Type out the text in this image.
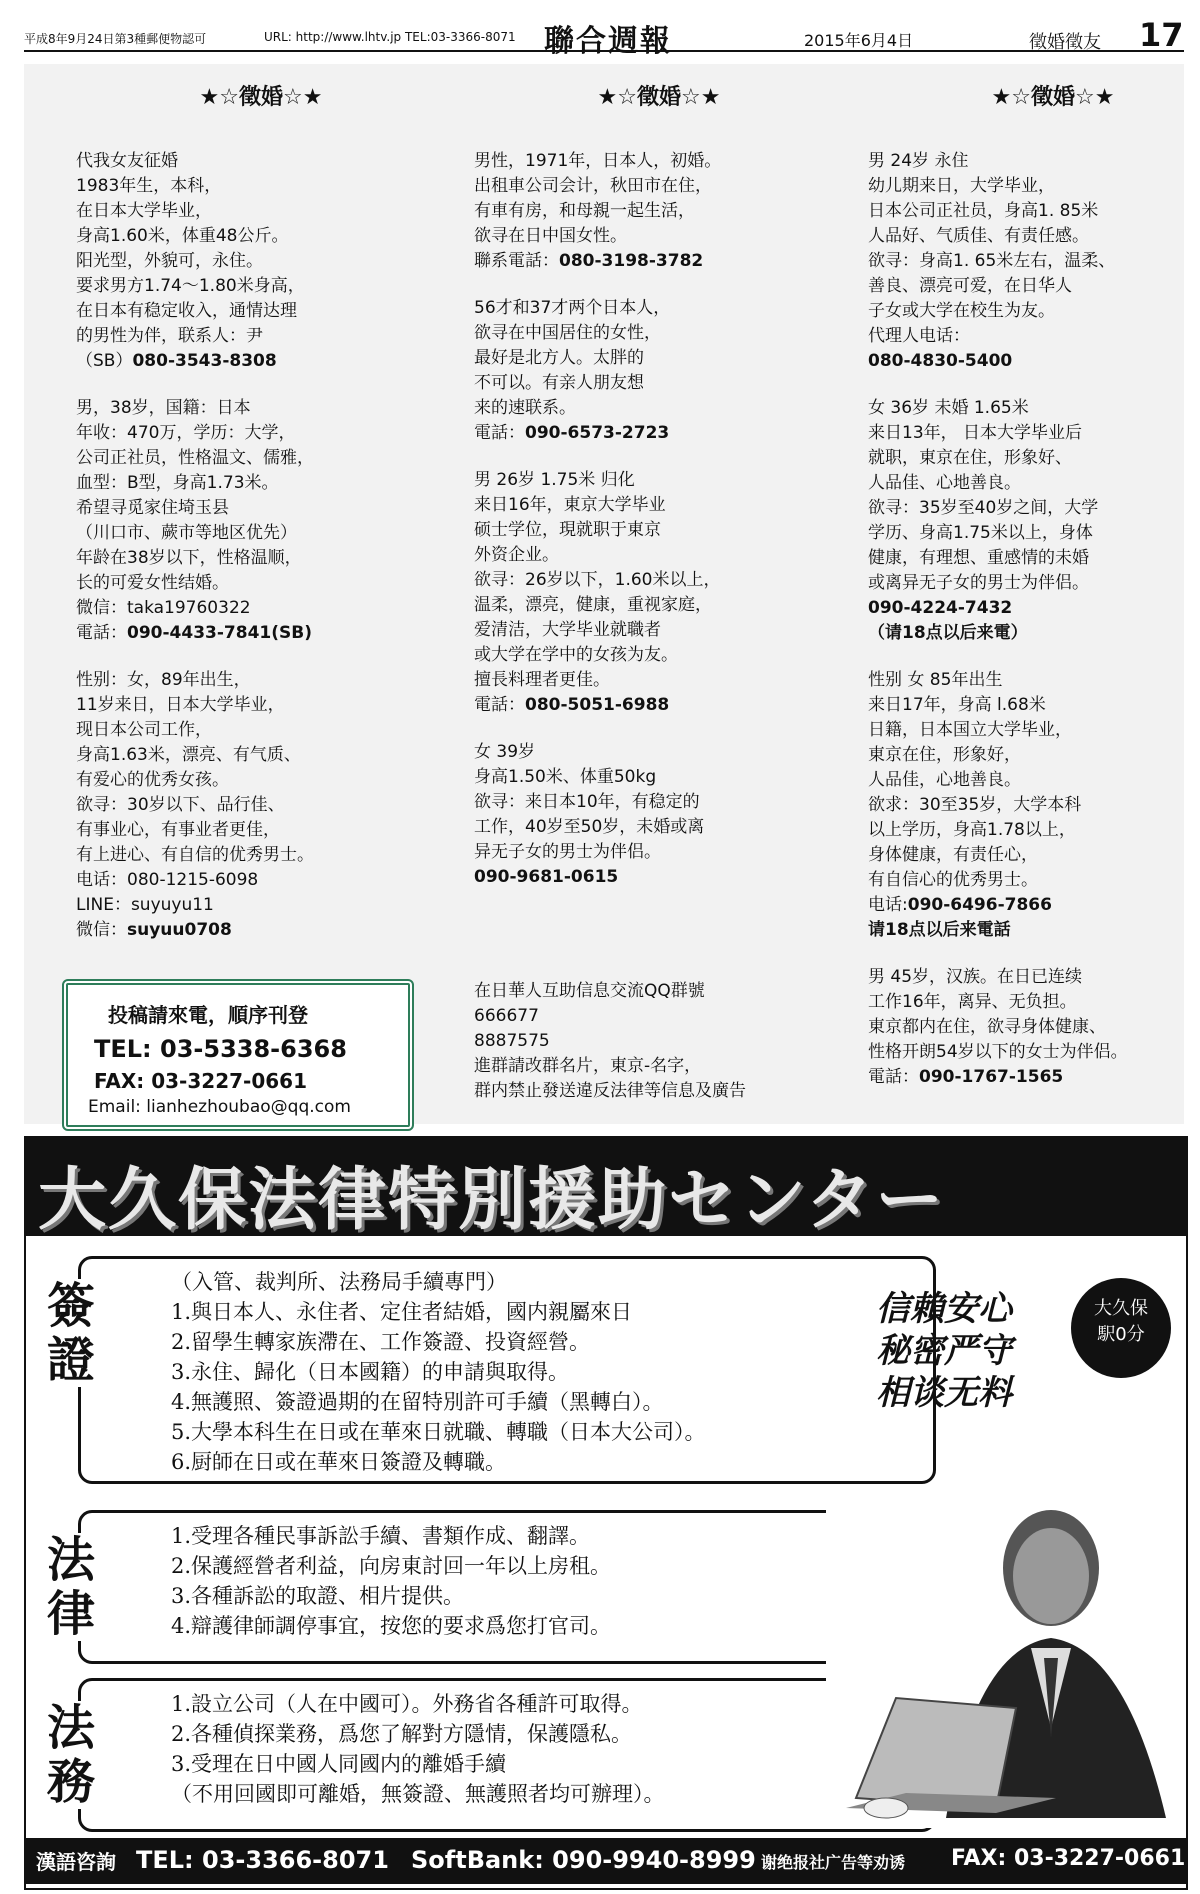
平成8年9月24日第3種郵便物認可	URL: http://www.lhtv.jp TEL:03-3366-8071 聯合週報	2015年6月4日	徵婚徵友 17
★☆徵婚☆★
代我女友征婚
1983年生，本科，
在日本大学毕业，
身高1.60米，体重48公斤。
阳光型，外貌可，永住。
要求男方1.74～1.80米身高，
在日本有稳定收入，通情达理
的男性为伴，联系人：尹
（SB）080-3543-8308
男，38岁，国籍：日本
年收：470万，学历：大学，
公司正社员，性格温文、儒雅，
血型：B型，身高1.73米。
希望寻觅家住埼玉县
（川口市、蕨市等地区优先）
年龄在38岁以下，性格温顺，
长的可爱女性结婚。
微信：taka19760322
電話：090-4433-7841(SB)
性别：女，89年出生，
11岁来日，日本大学毕业，
现日本公司工作，
身高1.63米，漂亮、有气质、
有爱心的优秀女孩。
欲寻：30岁以下、品行佳、
有事业心，有事业者更佳，
有上进心、有自信的优秀男士。
电话：080-1215-6098
LINE：suyuyu11
微信：suyuu0708
★☆徵婚☆★
男性，1971年，日本人，初婚。
出租車公司会计，秋田市在住，
有車有房，和母親一起生活，
欲寻在日中国女性。
聯系電話：080-3198-3782
56才和37才两个日本人，
欲寻在中国居住的女性，
最好是北方人。太胖的
不可以。有亲人朋友想
来的速联系。
電話：090-6573-2723
男 26岁 1.75米 归化
来日16年，東京大学毕业
硕士学位，現就职于東京
外资企业。
欲寻：26岁以下，1.60米以上，
温柔，漂亮，健康，重视家庭，
爱清洁，大学毕业就職者
或大学在学中的女孩为友。
擅長料理者更佳。
電話：080-5051-6988
女 39岁
身高1.50米、体重50kg
欲寻：来日本10年，有稳定的
工作，40岁至50岁，未婚或离
异无子女的男士为伴侣。
090-9681-0615
★☆徵婚☆★
男 24岁 永住
幼儿期来日，大学毕业，
日本公司正社员，身高1. 85米
人品好、气质佳、有责任感。
欲寻：身高1. 65米左右，温柔、
善良、漂亮可爱，在日华人
子女或大学在校生为友。
代理人电话：
080-4830-5400
女 36岁 未婚 1.65米
来日13年， 日本大学毕业后
就职，東京在住，形象好、
人品佳、心地善良。
欲寻：35岁至40岁之间，大学
学历、身高1.75米以上，身体
健康，有理想、重感情的未婚
或离异无子女的男士为伴侣。
090-4224-7432
（请18点以后来電）
性别 女 85年出生
来日17年，身高 l.68米
日籍，日本国立大学毕业，
東京在住，形象好，
人品佳，心地善良。
欲求：30至35岁，大学本科
以上学历，身高1.78以上，
身体健康，有责任心，
有自信心的优秀男士。
电话:090-6496-7866
请18点以后来電話
男 45岁，汉族。在日已连续
工作16年，离异、无负担。
東京都内在住，欲寻身体健康、
性格开朗54岁以下的女士为伴侣。
電話：090-1767-1565
投稿請來電，順序刊登
TEL: 03-5338-6368
FAX: 03-3227-0661
Email: lianhezhoubao@qq.com
在日華人互助信息交流QQ群號
666677
8887575
進群請改群名片，東京-名字，
群内禁止發送違反法律等信息及廣告
大久保法律特別援助センター
簽證
（入管、裁判所、法務局手續專門）
1.與日本人、永住者、定住者結婚，國内親屬來日
2.留學生轉家族滯在、工作簽證、投資經營。
3.永住、歸化（日本國籍）的申請與取得。
4.無護照、簽證過期的在留特別許可手續（黑轉白）。
5.大學本科生在日或在華來日就職、轉職（日本大公司）。
6.厨師在日或在華來日簽證及轉職。
法律
1.受理各種民事訴訟手續、書類作成、翻譯。
2.保護經營者利益，向房東討回一年以上房租。
3.各種訴訟的取證、相片提供。
4.辯護律師調停事宜，按您的要求爲您打官司。
法務
1.設立公司（人在中國可）。外務省各種許可取得。
2.各種偵探業務，爲您了解對方隱情，保護隱私。
3.受理在日中國人同國内的離婚手續
（不用回國即可離婚，無簽證、無護照者均可辦理）。
信賴安心
秘密严守
相谈无料
大久保
駅0分
漢語咨詢 TEL: 03-3366-8071 SoftBank: 090-9940-8999 谢绝报社广告等劝诱 FAX: 03-3227-0661
